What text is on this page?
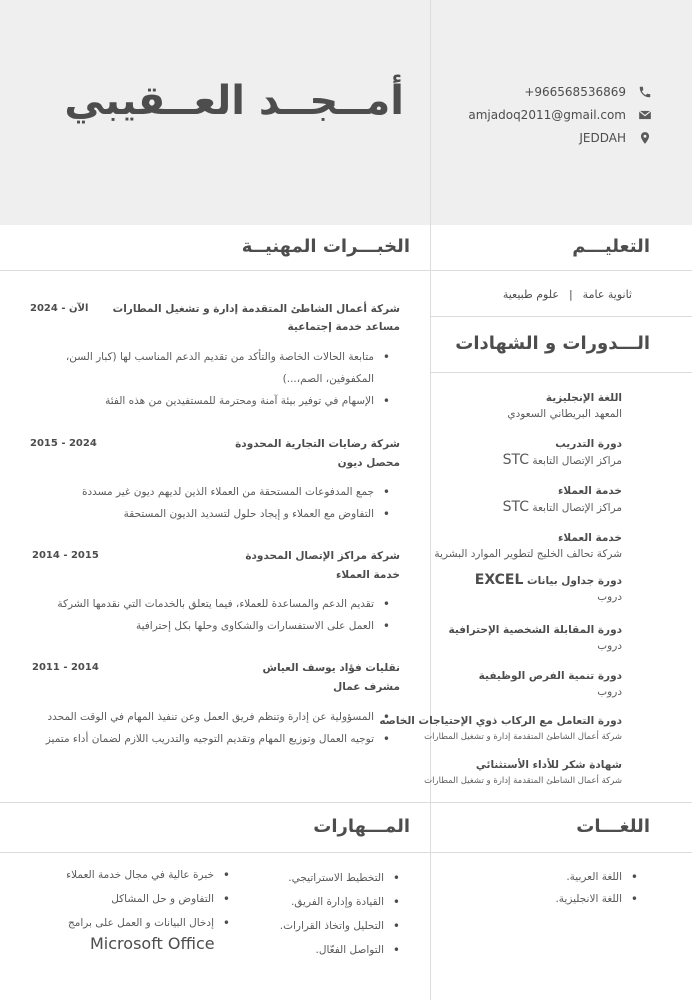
أمــجــد العــقيبي	+966568536869
amjadoq2011@gmail.com
JEDDAH
التعليـــم
الخبـــرات المهنيــة
ثانوية عامة|علوم طبيعية
الـــدورات و الشهادات
اللغة الإنجليزية
المعهد البريطاني السعودي
دورة التدريب
مراكز الإتصال التابعة STC
خدمة العملاء
مراكز الإتصال التابعة STC
خدمة العملاء
شركة تحالف الخليج لتطوير الموارد البشرية
دورة جداول بيانات EXCEL
دروب
دورة المقابلة الشخصية الإحترافية
دروب
دورة تنمية الفرص الوظيفية
دروب
دورة التعامل مع الركاب ذوي الإحتياجات الخاصه
شركة أعمال الشاطئ المتقدمة إدارة و تشغيل المطارات
شهادة شكر للأداء الأستثنائي
شركة أعمال الشاطئ المتقدمة إدارة و تشغيل المطارات
شركة أعمال الشاطئ المتقدمة إدارة و تشغيل المطارات
الآن - 2024
مساعد خدمة إجتماعية
• متابعة الحالات الخاصة والتأكد من تقديم الدعم المناسب لها (كبار السن، المكفوفين، الصم،...)
• الإسهام في توفير بيئة آمنة ومحترمة للمستفيدين من هذه الفئة
شركة رضايات التجارية المحدودة
2015 - 2024
محصل ديون
• جمع المدفوعات المستحقة من العملاء الذين لديهم ديون غير مسددة
• التفاوض مع العملاء و إيجاد حلول لتسديد الديون المستحقة
شركة مراكز الإتصال المحدودة
2014 - 2015
خدمة العملاء
• تقديم الدعم والمساعدة للعملاء، فيما يتعلق بالخدمات التي نقدمها الشركة
• العمل على الاستفسارات والشكاوى وحلها بكل إحترافية
نقليات فؤاد يوسف العياش
2011 - 2014
مشرف عمال
• المسؤولية عن إدارة وتنظم فريق العمل وعن تنفيذ المهام في الوقت المحدد
• توجيه العمال وتوزيع المهام وتقديم التوجيه والتدريب اللازم لضمان أداء متميز
اللغـــات
المـــهارات
• اللغة العربية.
• اللغة الانجليزية.
• التخطيط الاستراتيجي.
• القيادة وإدارة الفريق.
• التحليل واتخاذ القرارات.
• التواصل الفعّال.
• خبرة عالية في مجال خدمة العملاء
• التفاوض و حل المشاكل
• إدخال البيانات و العمل على برامج
Microsoft Office
